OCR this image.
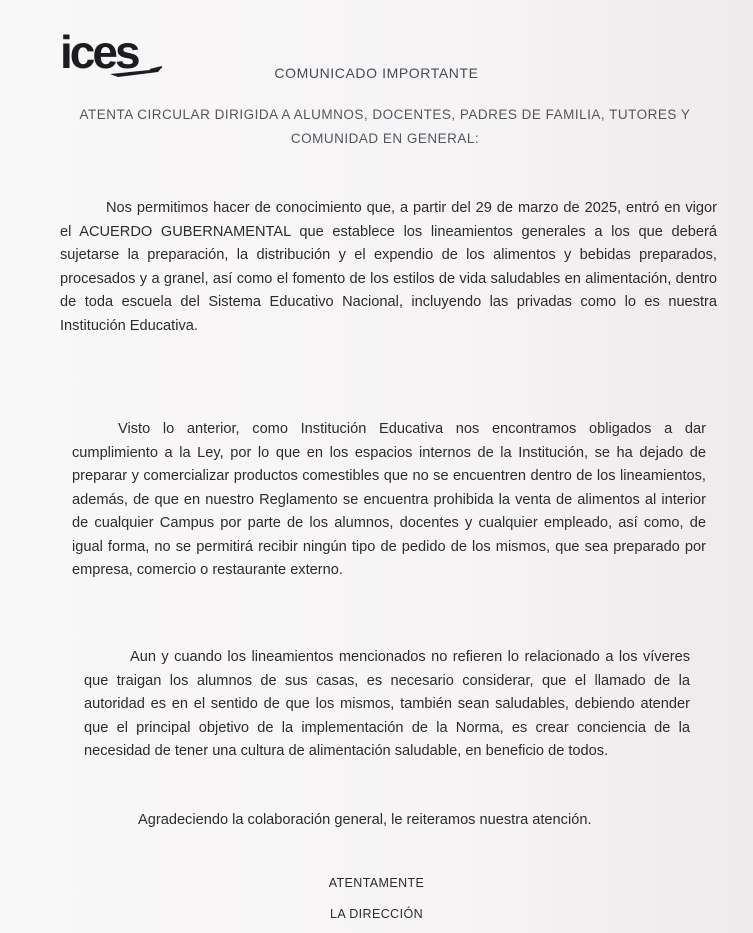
ices	COMUNICADO IMPORTANTE
ATENTA CIRCULAR DIRIGIDA A ALUMNOS, DOCENTES, PADRES DE FAMILIA, TUTORES Y COMUNIDAD EN GENERAL:

Nos permitimos hacer de conocimiento que, a partir del 29 de marzo de 2025, entró en vigor el ACUERDO GUBERNAMENTAL que establece los lineamientos generales a los que deberá sujetarse la preparación, la distribución y el expendio de los alimentos y bebidas preparados, procesados y a granel, así como el fomento de los estilos de vida saludables en alimentación, dentro de toda escuela del Sistema Educativo Nacional, incluyendo las privadas como lo es nuestra Institución Educativa.

Visto lo anterior, como Institución Educativa nos encontramos obligados a dar cumplimiento a la Ley, por lo que en los espacios internos de la Institución, se ha dejado de preparar y comercializar productos comestibles que no se encuentren dentro de los lineamientos, además, de que en nuestro Reglamento se encuentra prohibida la venta de alimentos al interior de cualquier Campus por parte de los alumnos, docentes y cualquier empleado, así como, de igual forma, no se permitirá recibir ningún tipo de pedido de los mismos, que sea preparado por empresa, comercio o restaurante externo.

Aun y cuando los lineamientos mencionados no refieren lo relacionado a los víveres que traigan los alumnos de sus casas, es necesario considerar, que el llamado de la autoridad es en el sentido de que los mismos, también sean saludables, debiendo atender que el principal objetivo de la implementación de la Norma, es crear conciencia de la necesidad de tener una cultura de alimentación saludable, en beneficio de todos.

Agradeciendo la colaboración general, le reiteramos nuestra atención.
ATENTAMENTE
LA DIRECCIÓN
